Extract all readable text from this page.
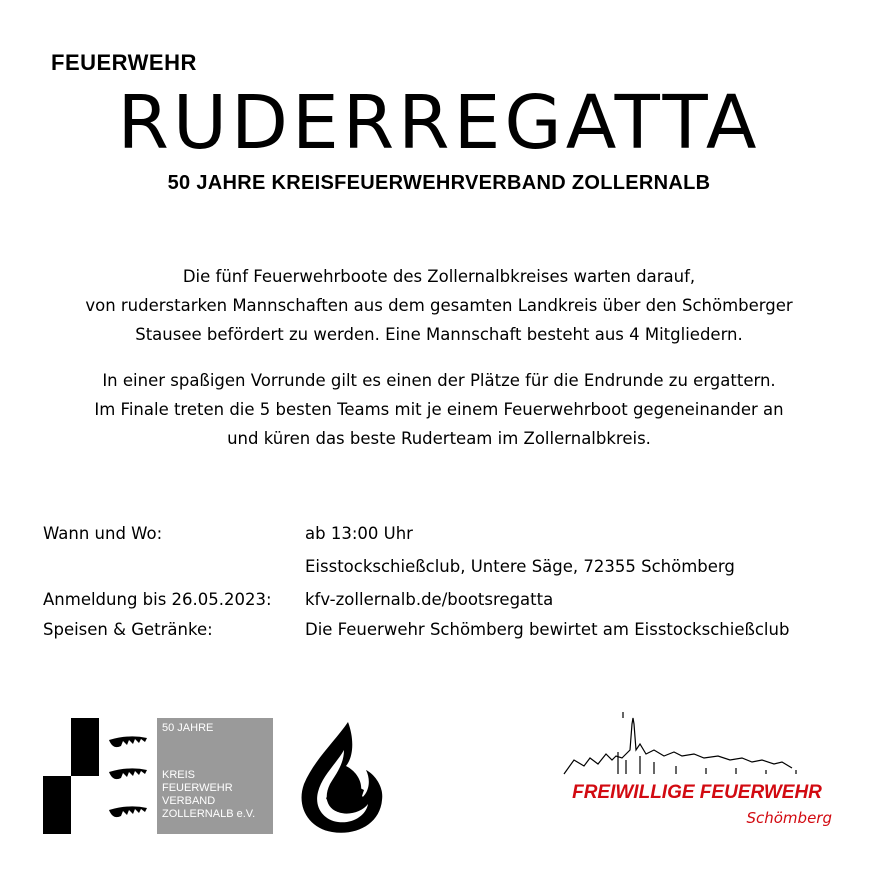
FEUERWEHR
RUDERREGATTA
50 JAHRE KREISFEUERWEHRVERBAND ZOLLERNALB
Die fünf Feuerwehrboote des Zollernalbkreises warten darauf,
von ruderstarken Mannschaften aus dem gesamten Landkreis über den Schömberger
Stausee befördert zu werden. Eine Mannschaft besteht aus 4 Mitgliedern.
In einer spaßigen Vorrunde gilt es einen der Plätze für die Endrunde zu ergattern.
Im Finale treten die 5 besten Teams mit je einem Feuerwehrboot gegeneinander an
und küren das beste Ruderteam im Zollernalbkreis.
Wann und Wo:	ab 13:00 Uhr
Eisstockschießclub, Untere Säge, 72355 Schömberg
Anmeldung bis 26.05.2023: kfv-zollernalb.de/bootsregatta
Speisen & Getränke:	Die Feuerwehr Schömberg bewirtet am Eisstockschießclub
50 JAHRE
KREIS
FEUERWEHR
VERBAND
ZOLLERNALB e.V.
FREIWILLIGE FEUERWEHR
Schömberg
